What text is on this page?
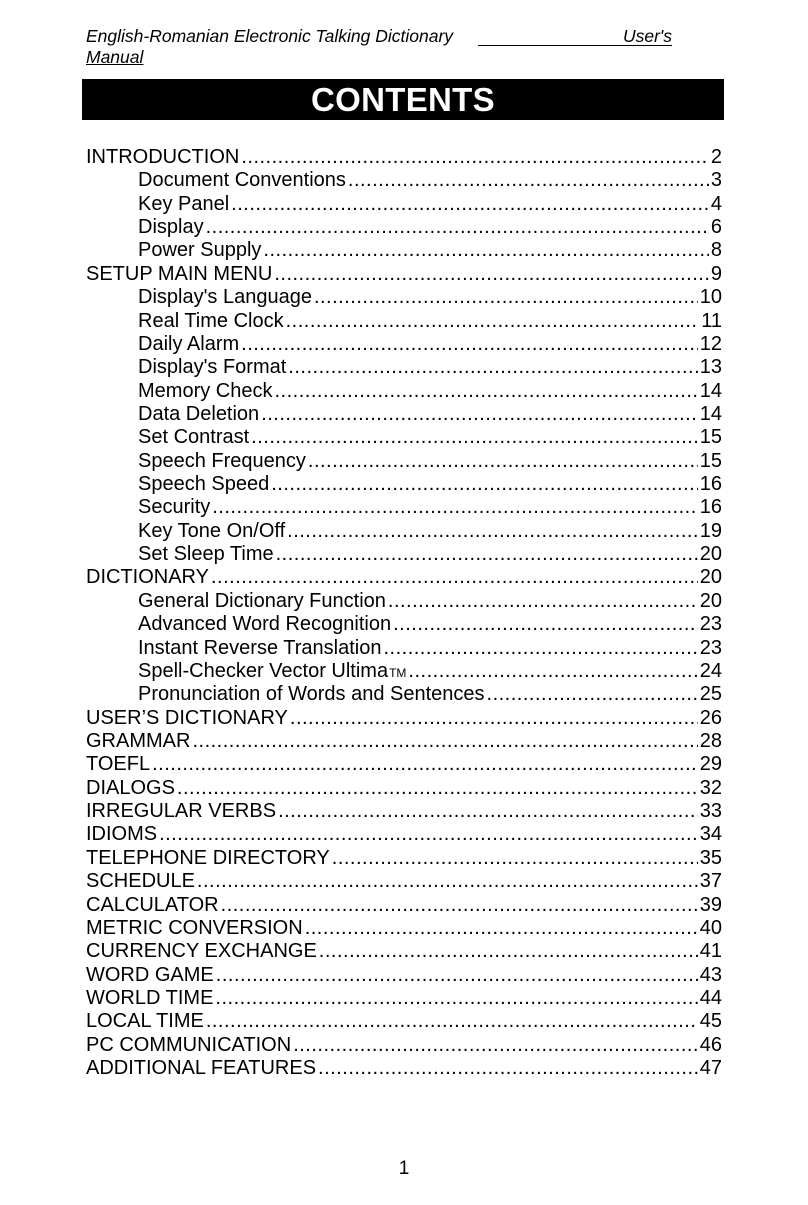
English-Romanian Electronic Talking Dictionary	User's
Manual
CONTENTS
INTRODUCTION .....	2
Document Conventions .....	3
Key Panel .....	4
Display .....	6
Power Supply .....	8
SETUP MAIN MENU .....	9
Display's Language .....	10
Real Time Clock .....	11
Daily Alarm .....	12
Display's Format .....	13
Memory Check .....	14
Data Deletion .....	14
Set Contrast .....	15
Speech Frequency .....	15
Speech Speed .....	16
Security .....	16
Key Tone On/Off .....	19
Set Sleep Time .....	20
DICTIONARY .....	20
General Dictionary Function .....	20
Advanced Word Recognition .....	23
Instant Reverse Translation .....	23
Spell-Checker Vector Ultima TM .....	24
Pronunciation of Words and Sentences .....	25
USER’S DICTIONARY .....	26
GRAMMAR .....	28
TOEFL .....	29
DIALOGS .....	32
IRREGULAR VERBS .....	33
IDIOMS .....	34
TELEPHONE DIRECTORY .....	35
SCHEDULE .....	37
CALCULATOR .....	39
METRIC CONVERSION .....	40
CURRENCY EXCHANGE .....	41
WORD GAME .....	43
WORLD TIME .....	44
LOCAL TIME .....	45
PC COMMUNICATION .....	46
ADDITIONAL FEATURES .....	47
1
